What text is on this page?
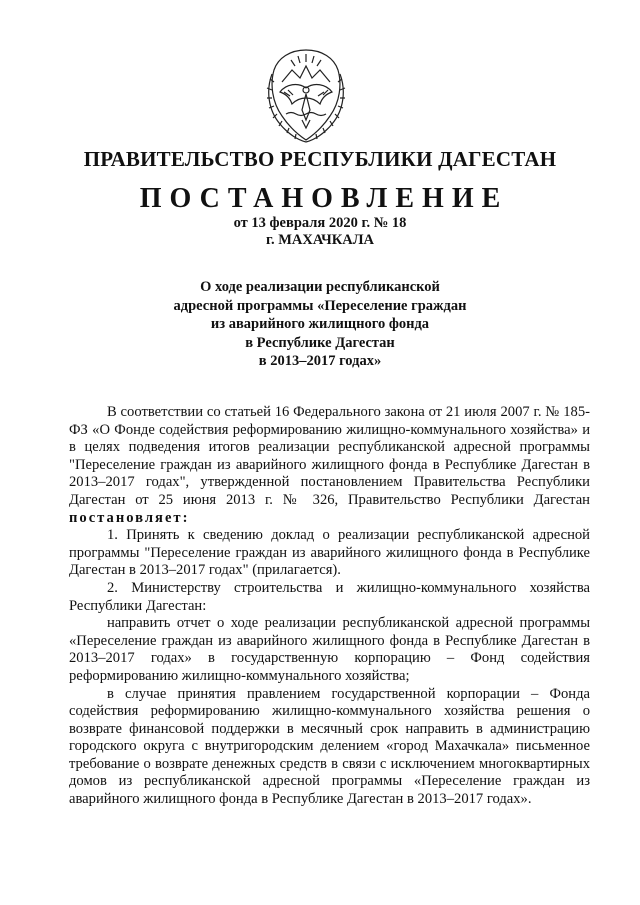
ПРАВИТЕЛЬСТВО РЕСПУБЛИКИ ДАГЕСТАН
ПОСТАНОВЛЕНИЕ
от 13 февраля 2020 г. № 18
г. МАХАЧКАЛА
О ходе реализации республиканской
адресной программы «Переселение граждан
из аварийного жилищного фонда
в Республике Дагестан
в 2013–2017 годах»

В соответствии со статьей 16 Федерального закона от 21 июля 2007 г. № 185-ФЗ «О Фонде содействия реформированию жилищно-коммунального хозяйства» и в целях подведения итогов реализации республиканской адресной программы "Переселение граждан из аварийного жилищного фонда в Республике Дагестан в 2013–2017 годах", утвержденной постановлением Правительства Республики Дагестан от 25 июня 2013 г. № 326, Правительство Республики Дагестан постановляет:

1. Принять к сведению доклад о реализации республиканской адресной программы "Переселение граждан из аварийного жилищного фонда в Республике Дагестан в 2013–2017 годах" (прилагается).

2. Министерству строительства и жилищно-коммунального хозяйства Республики Дагестан:

направить отчет о ходе реализации республиканской адресной программы «Переселение граждан из аварийного жилищного фонда в Республике Дагестан в 2013–2017 годах» в государственную корпорацию – Фонд содействия реформированию жилищно-коммунального хозяйства;

в случае принятия правлением государственной корпорации – Фонда содействия реформированию жилищно-коммунального хозяйства решения о возврате финансовой поддержки в месячный срок направить в администрацию городского округа с внутригородским делением «город Махачкала» письменное требование о возврате денежных средств в связи с исключением многоквартирных домов из республиканской адресной программы «Переселение граждан из аварийного жилищного фонда в Республике Дагестан в 2013–2017 годах».
